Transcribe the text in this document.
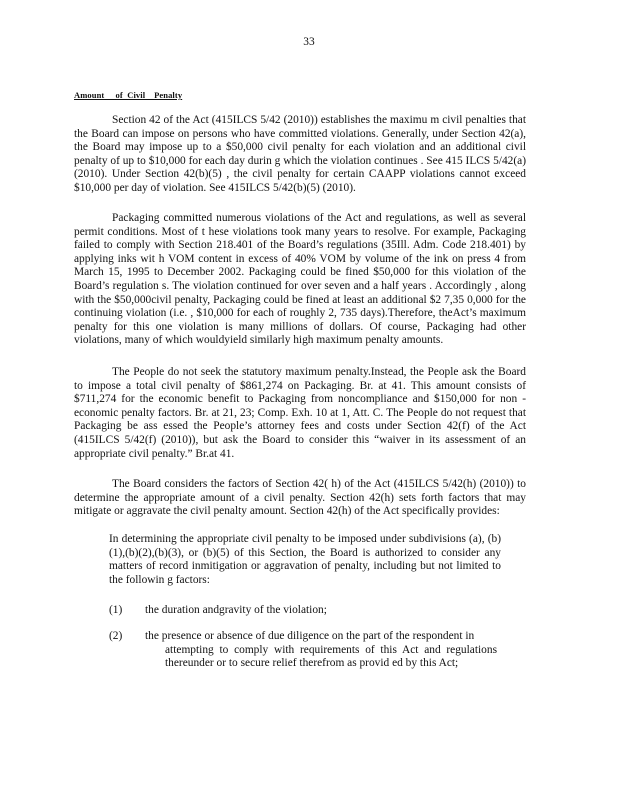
33
Amount     of  Civil    Penalty

Section 42 of the Act (415ILCS 5/42 (2010)) establishes the maximu m civil penalties that the Board can impose on persons who have committed violations. Generally, under Section 42(a), the Board may impose up to a $50,000 civil penalty for each violation and an additional civil penalty of up to $10,000 for each day durin g which the violation continues . See 415 ILCS 5/42(a) (2010). Under Section 42(b)(5) , the civil penalty for certain CAAPP violations cannot exceed $10,000 per day of violation. See 415ILCS 5/42(b)(5) (2010).

Packaging committed numerous violations of the Act and regulations, as well as several permit conditions. Most of t hese violations took many years to resolve. For example, Packaging failed to comply with Section 218.401 of the Board’s regulations (35Ill. Adm. Code 218.401) by applying inks wit h VOM content in excess of 40% VOM by volume of the ink on press 4 from March 15, 1995 to December 2002. Packaging could be fined $50,000 for this violation of the Board’s regulation s. The violation continued for over seven and a half years . Accordingly , along with the $50,000civil penalty, Packaging could be fined at least an additional $2 7,35 0,000 for the continuing violation (i.e. , $10,000 for each of roughly 2, 735 days).Therefore, theAct’s maximum penalty for this one violation is many millions of dollars. Of course, Packaging had other violations, many of which wouldyield similarly high maximum penalty amounts.

The People do not seek the statutory maximum penalty.Instead, the People ask the Board to impose a total civil penalty of $861,274 on Packaging. Br. at 41. This amount consists of $711,274 for the economic benefit to Packaging from noncompliance and $150,000 for non - economic penalty factors. Br. at 21, 23; Comp. Exh. 10 at 1, Att. C. The People do not request that Packaging be ass essed the People’s attorney fees and costs under Section 42(f) of the Act (415ILCS 5/42(f) (2010)), but ask the Board to consider this “waiver in its assessment of an appropriate civil penalty.” Br.at 41.

The Board considers the factors of Section 42( h) of the Act (415ILCS 5/42(h) (2010)) to determine the appropriate amount of a civil penalty. Section 42(h) sets forth factors that may mitigate or aggravate the civil penalty amount. Section 42(h) of the Act specifically provides:

In determining the appropriate civil penalty to be imposed under subdivisions (a), (b)(1),(b)(2),(b)(3), or (b)(5) of this Section, the Board is authorized to consider any matters of record inmitigation or aggravation of penalty, including but not limited to the followin g factors:

(1)	the duration andgravity of the violation;
(2)	the presence or absence of due diligence on the part of the respondent in
attempting to comply with requirements of this Act and regulations thereunder or to secure relief therefrom as provid ed by this Act;
